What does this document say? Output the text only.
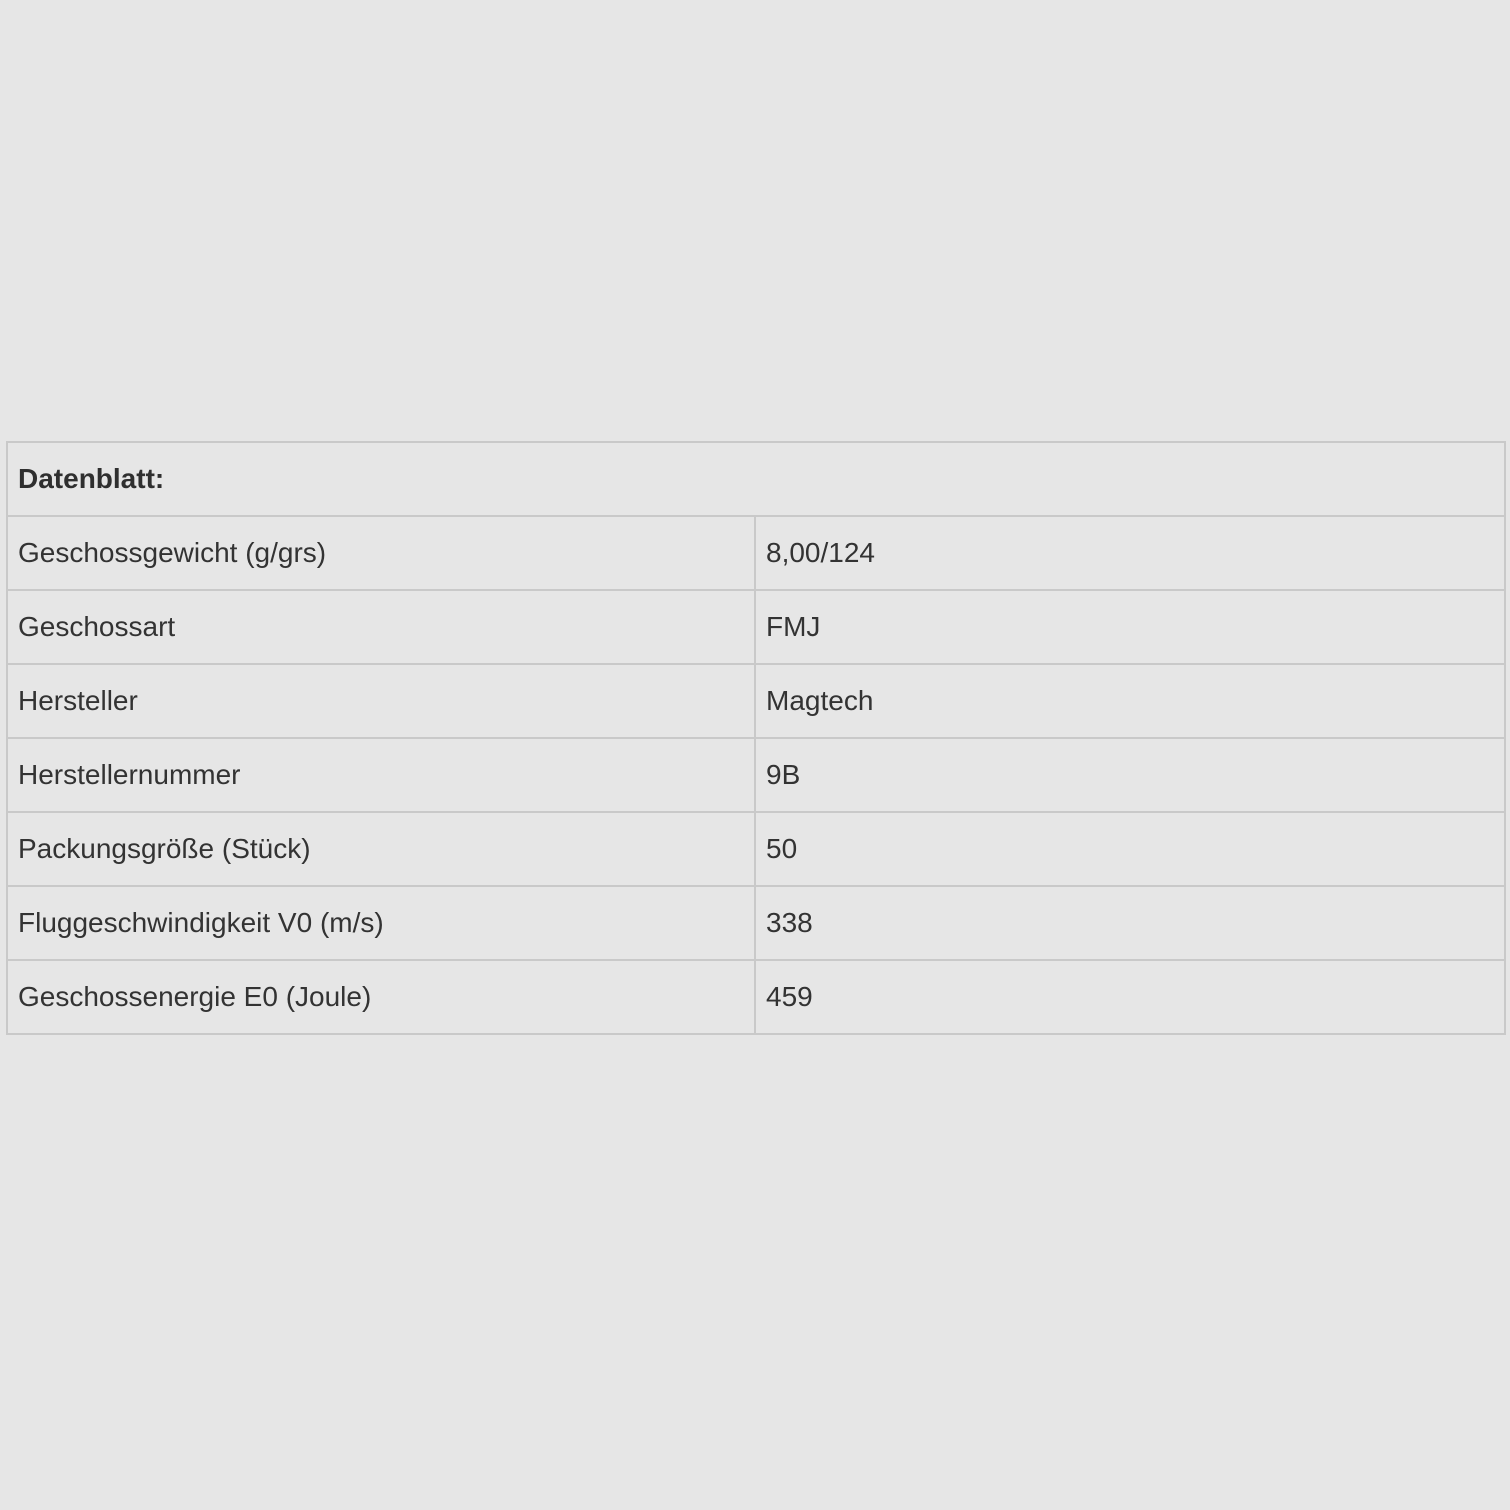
Datenblatt:	
Geschossgewicht (g/grs)	8,00/124
Geschossart	FMJ
Hersteller	Magtech
Herstellernummer	9B
Packungsgröße (Stück)	50
Fluggeschwindigkeit V0 (m/s)	338
Geschossenergie E0 (Joule)	459
